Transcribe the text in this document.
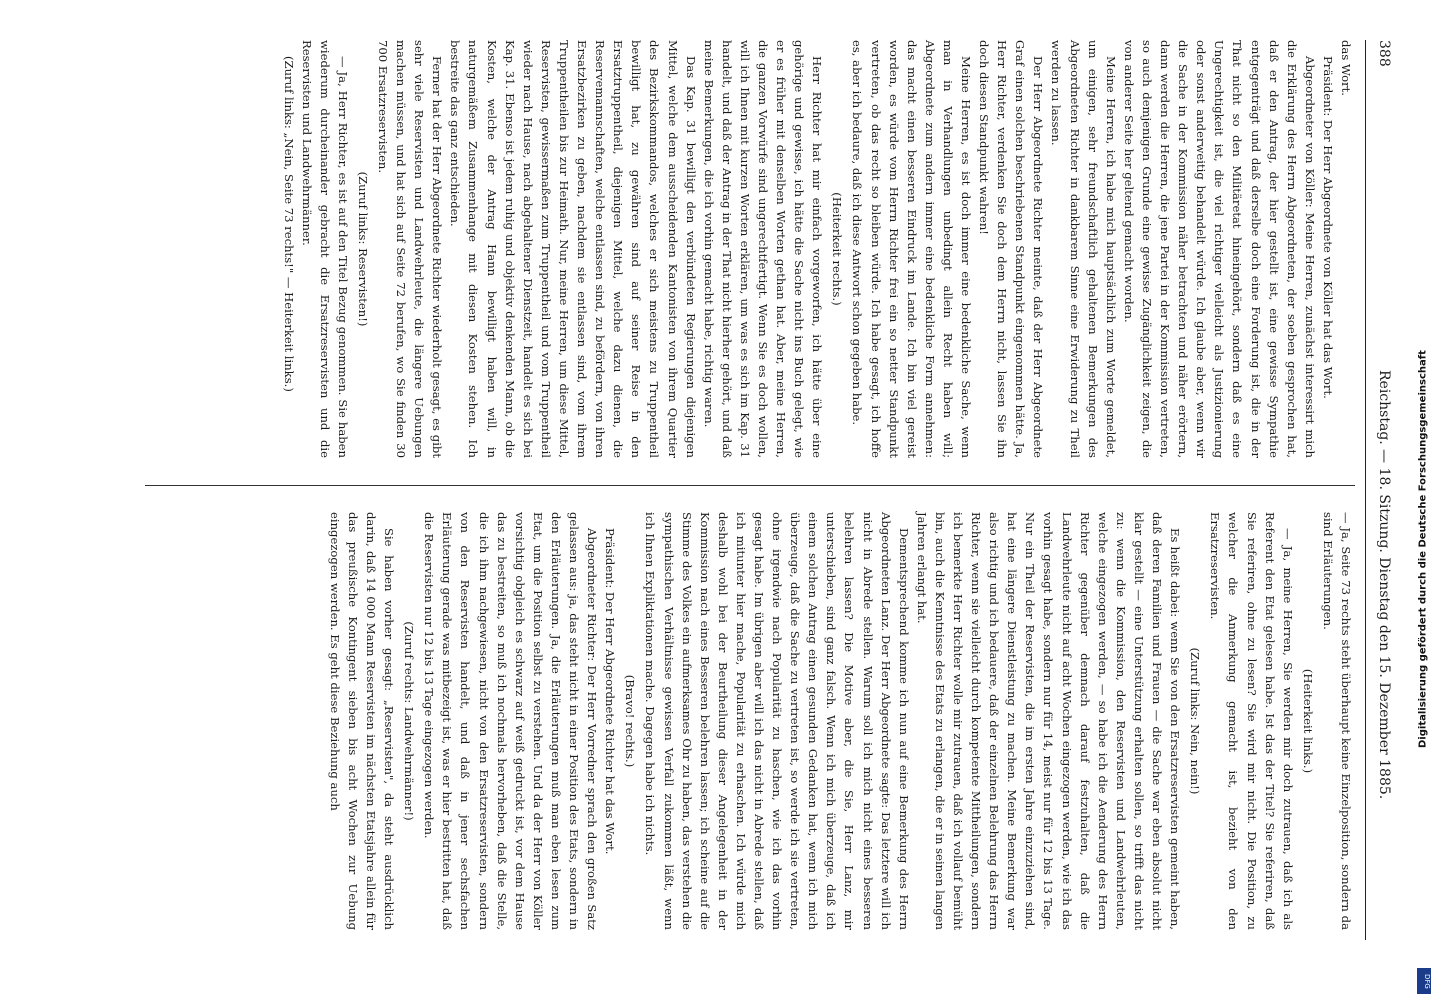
388
Reichstag. — 18. Sitzung. Dienstag den 15. Dezember 1885.

das Wort.

Präsident: Der Herr Abgeordnete von Köller hat das Wort.

Abgeordneter von Köller: Meine Herren, zunächst interessirt mich die Erklärung des Herrn Abgeordneten, der soeben gesprochen hat, daß er den Antrag, der hier gestellt ist, eine gewisse Sympathie entgegenträgt und daß derselbe doch eine Forderung ist, die in der That nicht so den Militäretat hineingehört, sondern daß es eine Ungerechtigkeit ist, die viel richtiger vielleicht als Justizionierung oder sonst anderweitig behandelt würde. Ich glaube aber, wenn wir die Sache in der Kommission näher betrachten und näher erörtern, dann werden die Herren, die jene Partei in der Kommission vertreten, so auch demjenigen Grunde eine gewisse Zugänglichkeit zeigen, die von anderer Seite her geltend gemacht worden.

Meine Herren, ich habe mich hauptsächlich zum Worte gemeldet, um einigen, sehr freundschaftlich gehaltenen Bemerkungen des Abgeordneten Richter in dankbarem Sinne eine Erwiderung zu Theil werden zu lassen.

Der Herr Abgeordnete Richter meinte, daß der Herr Abgeordnete Graf einen solchen beschriebenen Standpunkt eingenommen hätte. Ja, Herr Richter, verdenken Sie doch dem Herrn nicht, lassen Sie ihn doch diesen Standpunkt wahren!

Meine Herren, es ist doch immer eine bedenkliche Sache, wenn man in Verhandlungen unbedingt allein Recht haben will; Abgeordnete zum andern immer eine bedenkliche Form annehmen: das macht einen besseren Eindruck im Lande. Ich bin viel gereist worden, es würde vom Herrn Richter frei ein so netter Standpunkt vertreten, ob das recht so bleiben würde. Ich habe gesagt, ich hoffe es, aber ich bedaure, daß ich diese Antwort schon gegeben habe.

(Heiterkeit rechts.)

Herr Richter hat mir einfach vorgeworfen, ich hätte über eine gehörige und gewisse, ich hätte die Sache nicht ins Buch gelegt, wie er es früher mit denselben Worten gethan hat. Aber, meine Herren, die ganzen Vorwürfe sind ungerechtfertigt. Wenn Sie es doch wollen, will ich Ihnen mit kurzen Worten erklären, um was es sich im Kap. 31 handelt, und daß der Antrag in der That nicht hierher gehört, und daß meine Bemerkungen, die ich vorhin gemacht habe, richtig waren.

Das Kap. 31 bewilligt den verbündeten Regierungen diejenigen Mittel, welche dem ausscheidenden Kantonisten von ihrem Quartier des Bezirkskommandos, welches er sich meistens zu Truppentheil bewilligt hat, zu gewähren sind auf seiner Reise in den Ersatztruppentheil, diejenigen Mittel, welche dazu dienen, die Reservemannschaften, welche entlassen sind, zu befördern, von ihren Ersatzbezirken zu geben, nachdem sie entlassen sind, vom ihrem Truppentheilen bis zur Heimath. Nur, meine Herren, um diese Mittel, Reservisten, gewissermaßen zum Truppentheil und vom Truppentheil wieder nach Hause, nach abgehaltener Dienstzeit, handelt es sich bei Kap. 31. Ebenso ist jedem ruhig und objektiv denkenden Mann, ob die Kosten, welche der Antrag Hann bewilligt haben will, in naturgemäßem Zusammenhange mit diesen Kosten stehen. Ich bestreite das ganz entschieden.

Ferner hat der Herr Abgeordnete Richter wiederholt gesagt, es gibt sehr viele Reservisten und Landwehrleute, die längere Uebungen machen müssen, und hat sich auf Seite 72 berufen, wo Sie finden 30 700 Ersatzreservisten.

(Zuruf links: Reservisten!)

— Ja, Herr Richter, es ist auf den Titel Bezug genommen. Sie haben wiederum durcheinander gebracht die Ersatzreservisten und die Reservisten und Landwehrmänner.

(Zuruf links: „Nein, Seite 73 rechts!" — Heiterkeit links.)

— Ja, Seite 73 rechts steht überhaupt keine Einzelposition, sondern da sind Erläuterungen.

(Heiterkeit links.)

— Ja, meine Herren, Sie werden mir doch zutrauen, daß ich als Referent den Etat gelesen habe. Ist das der Titel? Sie referiren, daß Sie referiren, ohne zu lesen? Sie wird mir nicht. Die Position, zu welcher die Anmerkung gemacht ist, bezieht von den Ersatzreservisten.

(Zuruf links: Nein, nein!)

Es heißt dabei: wenn Sie von den Ersatzreservisten gemeint haben, daß deren Familien und Frauen — die Sache war eben absolut nicht klar gestellt — eine Unterstützung erhalten sollen, so trifft das nicht zu: wenn die Kommission, den Reservisten und Landwehrleuten, welche eingezogen werden, — so habe ich die Aenderung des Herrn Richter gegenüber demnach darauf festzuhalten, daß die Landwehrleute nicht auf acht Wochen eingezogen werden, wie ich das vorhin gesagt habe, sondern nur für 14, meist nur für 12 bis 13 Tage. Nur ein Theil der Reservisten, die im ersten Jahre einzuziehen sind, hat eine längere Dienstleistung zu machen. Meine Bemerkung war also richtig und ich bedauere, daß der einzelnen Belehrung das Herrn Richter, wenn sie vielleicht durch kompetente Mittheilungen, sondern ich bemerkte Herr Richter wolle mir zutrauen, daß ich vollauf bemüht bin, auch die Kenntnisse des Etats zu erlangen, die er in seinen langen Jahren erlangt hat.

Dementsprechend komme ich nun auf eine Bemerkung des Herrn Abgeordneten Lanz. Der Herr Abgeordnete sagte: Das letztere will ich nicht in Abrede stellen. Warum soll ich mich nicht eines besseren belehren lassen? Die Motive aber, die Sie, Herr Lanz, mir unterschieben, sind ganz falsch. Wenn ich mich überzeuge, daß ich einem solchen Antrag einen gesunden Gedanken hat, wenn ich mich überzeuge, daß die Sache zu vertreten ist, so werde ich sie vertreten, ohne irgendwie nach Popularität zu haschen, wie ich das vorhin gesagt habe. Im übrigen aber will ich das nicht in Abrede stellen, daß ich mitunter hier mache, Popularität zu erhaschen. Ich würde mich deshalb wohl bei der Beurtheilung dieser Angelegenheit in der Kommission nach eines Besseren belehren lassen; ich scheine auf die Stimme des Volkes ein aufmerksames Ohr zu haben, das verstehen die sympathischen Verhältnisse gewissen Verfall zukommen läßt, wenn ich Ihnen Expliktationen mache. Dagegen habe ich nichts.

(Bravo! rechts.)

Präsident: Der Herr Abgeordnete Richter hat das Wort.

Abgeordneter Richter: Der Herr Vorredner sprach den großen Satz gelassen aus: ja, das steht nicht in einer Position des Etats, sondern in den Erläuterungen. Ja, die Erläuterungen muß man eben lesen zum Etat, um die Position selbst zu verstehen. Und da der Herr von Köller vorsichtig obgleich es schwarz auf weiß gedruckt ist, vor dem Hause das zu bestreiten, so muß ich nochmals hervorheben, daß die Stelle, die ich ihm nachgewiesen, nicht von den Ersatzreservisten, sondern von den Reservisten handelt, und daß in jener sechsfachen Erläuterung gerade was mitbezeigt ist, was er hier bestritten hat, daß die Reservisten nur 12 bis 13 Tage eingezogen werden.

(Zuruf rechts: Landwehrmänner!)

Sie haben vorher gesagt: „Reservisten", da steht ausdrücklich darin, daß 14 000 Mann Reservisten im nächsten Etatsjahre allein für das preußische Kontingent sieben bis acht Wochen zur Uebung eingezogen werden. Es geht diese Beziehung auch	Digitalisierung gefördert durch die Deutsche Forschungsgemeinschaft
DFG
